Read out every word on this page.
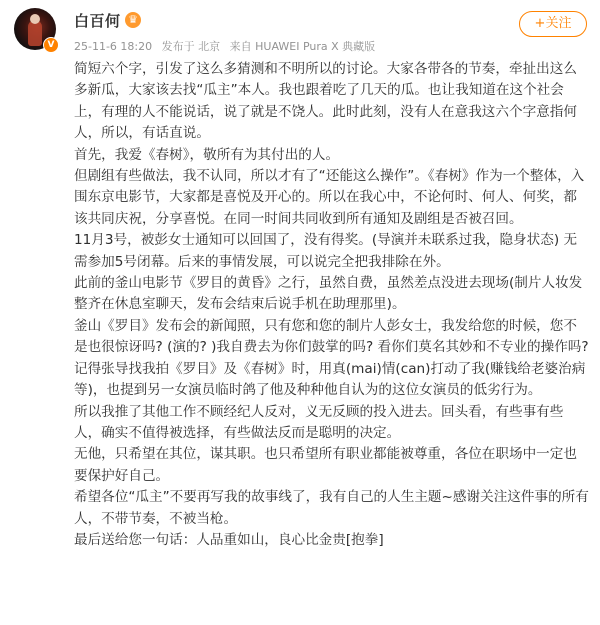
V
白百何 ♛
25-11-6 18:20 发布于 北京 来自 HUAWEI Pura X 典藏版
+关注

简短六个字，引发了这么多猜测和不明所以的讨论。大家各带各的节奏，牵扯出这么多新瓜，大家该去找“瓜主”本人。我也跟着吃了几天的瓜。也让我知道在这个社会上，有理的人不能说话，说了就是不饶人。此时此刻，没有人在意我这六个字意指何人，所以，有话直说。

首先，我爱《春树》，敬所有为其付出的人。

但剧组有些做法，我不认同，所以才有了“还能这么操作”。《春树》作为一个整体，入围东京电影节，大家都是喜悦及开心的。所以在我心中，不论何时、何人、何奖，都该共同庆祝，分享喜悦。在同一时间共同收到所有通知及剧组是否被召回。

11月3号，被彭女士通知可以回国了，没有得奖。(导演并未联系过我，隐身状态) 无需参加5号闭幕。后来的事情发展，可以说完全把我排除在外。

此前的釜山电影节《罗目的黄昏》之行，虽然自费，虽然差点没进去现场(制片人妆发整齐在休息室聊天，发布会结束后说手机在助理那里)。

釜山《罗目》发布会的新闻照，只有您和您的制片人彭女士，我发给您的时候，您不是也很惊讶吗? (演的? )我自费去为你们鼓掌的吗? 看你们莫名其妙和不专业的操作吗?

记得张导找我拍《罗目》及《春树》时，用真(mai)情(can)打动了我(赚钱给老婆治病等)，也提到另一女演员临时鸽了他及种种他自认为的这位女演员的低劣行为。

所以我推了其他工作不顾经纪人反对，义无反顾的投入进去。回头看，有些事有些人，确实不值得被选择，有些做法反而是聪明的决定。

无他，只希望在其位，谋其职。也只希望所有职业都能被尊重，各位在职场中一定也要保护好自己。

希望各位“瓜主”不要再写我的故事线了，我有自己的人生主题~感谢关注这件事的所有人，不带节奏，不被当枪。

最后送给您一句话：人品重如山，良心比金贵[抱拳]
